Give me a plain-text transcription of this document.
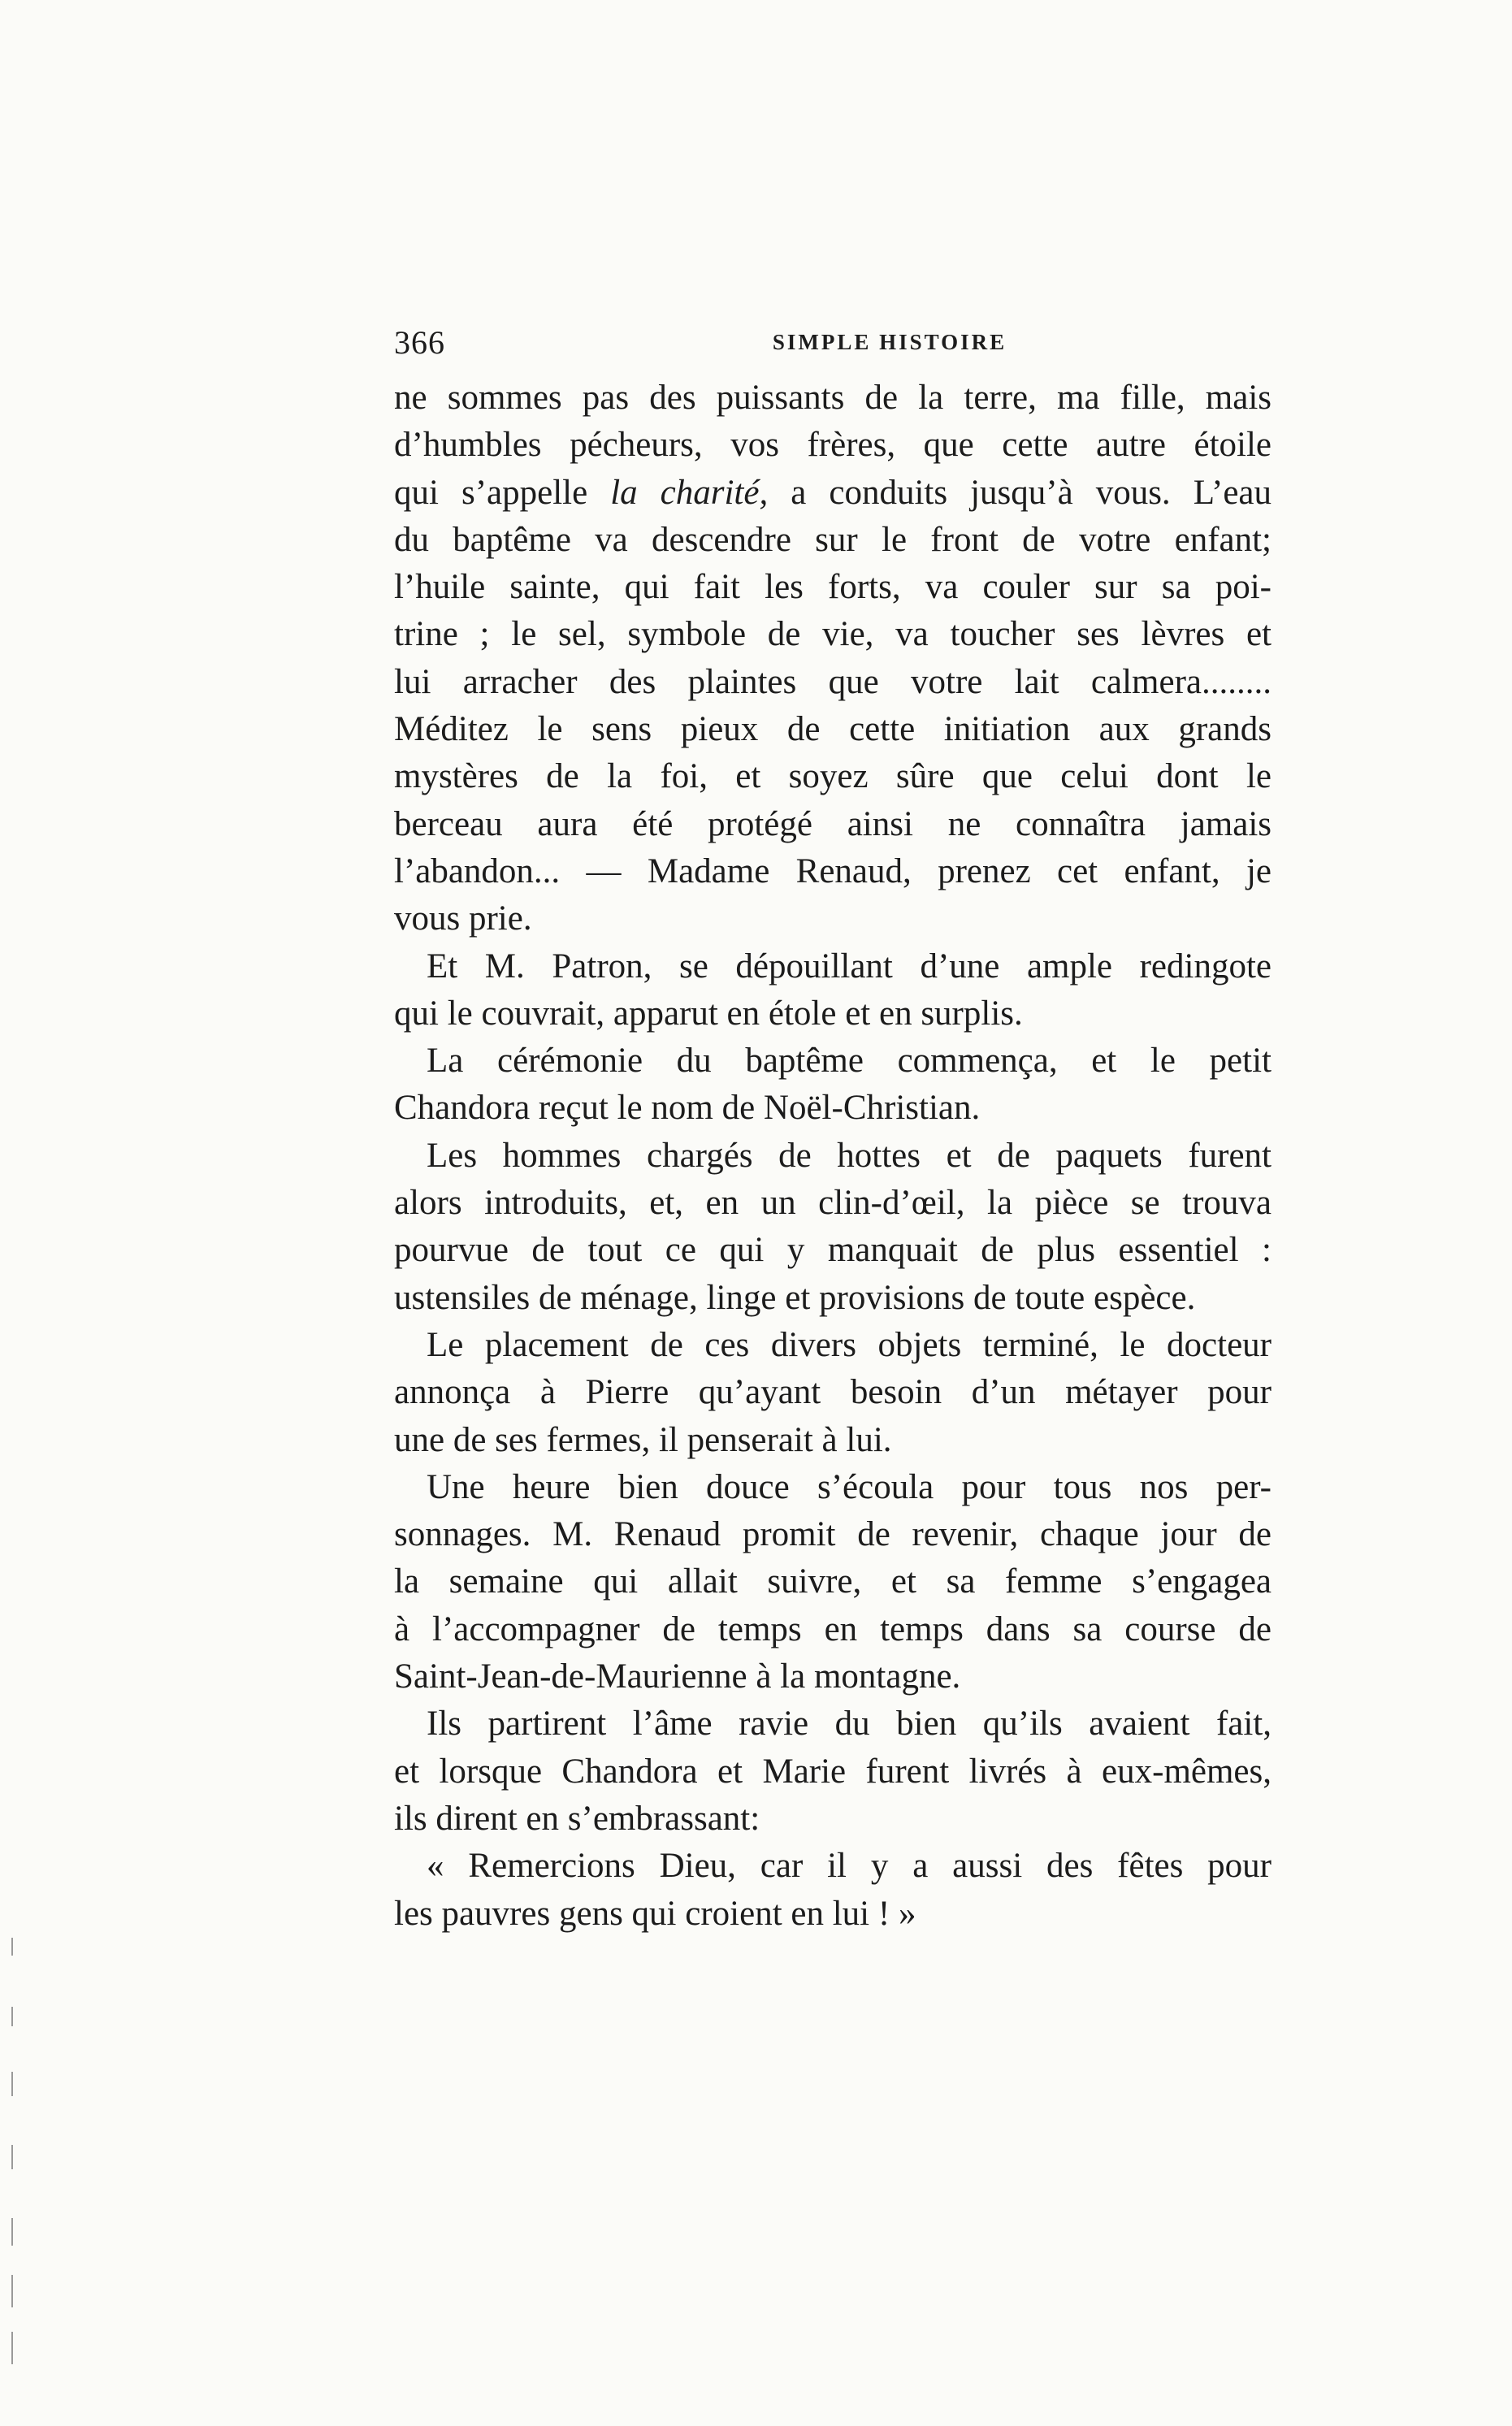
366	SIMPLE HISTOIRE

ne sommes pas des puissants de la terre, ma fille, mais

d’humbles pécheurs, vos frères, que cette autre étoile

qui s’appelle la charité, a conduits jusqu’à vous. L’eau

du baptême va descendre sur le front de votre enfant;

l’huile sainte, qui fait les forts, va couler sur sa poi-

trine ; le sel, symbole de vie, va toucher ses lèvres et

lui arracher des plaintes que votre lait calmera........

Méditez le sens pieux de cette initiation aux grands

mystères de la foi, et soyez sûre que celui dont le

berceau aura été protégé ainsi ne connaîtra jamais

l’abandon... — Madame Renaud, prenez cet enfant, je

vous prie.

Et M. Patron, se dépouillant d’une ample redingote

qui le couvrait, apparut en étole et en surplis.

La cérémonie du baptême commença, et le petit

Chandora reçut le nom de Noël-Christian.

Les hommes chargés de hottes et de paquets furent

alors introduits, et, en un clin-d’œil, la pièce se trouva

pourvue de tout ce qui y manquait de plus essentiel :

ustensiles de ménage, linge et provisions de toute espèce.

Le placement de ces divers objets terminé, le docteur

annonça à Pierre qu’ayant besoin d’un métayer pour

une de ses fermes, il penserait à lui.

Une heure bien douce s’écoula pour tous nos per-

sonnages. M. Renaud promit de revenir, chaque jour de

la semaine qui allait suivre, et sa femme s’engagea

à l’accompagner de temps en temps dans sa course de

Saint-Jean-de-Maurienne à la montagne.

Ils partirent l’âme ravie du bien qu’ils avaient fait,

et lorsque Chandora et Marie furent livrés à eux-mêmes,

ils dirent en s’embrassant:

« Remercions Dieu, car il y a aussi des fêtes pour

les pauvres gens qui croient en lui ! »
